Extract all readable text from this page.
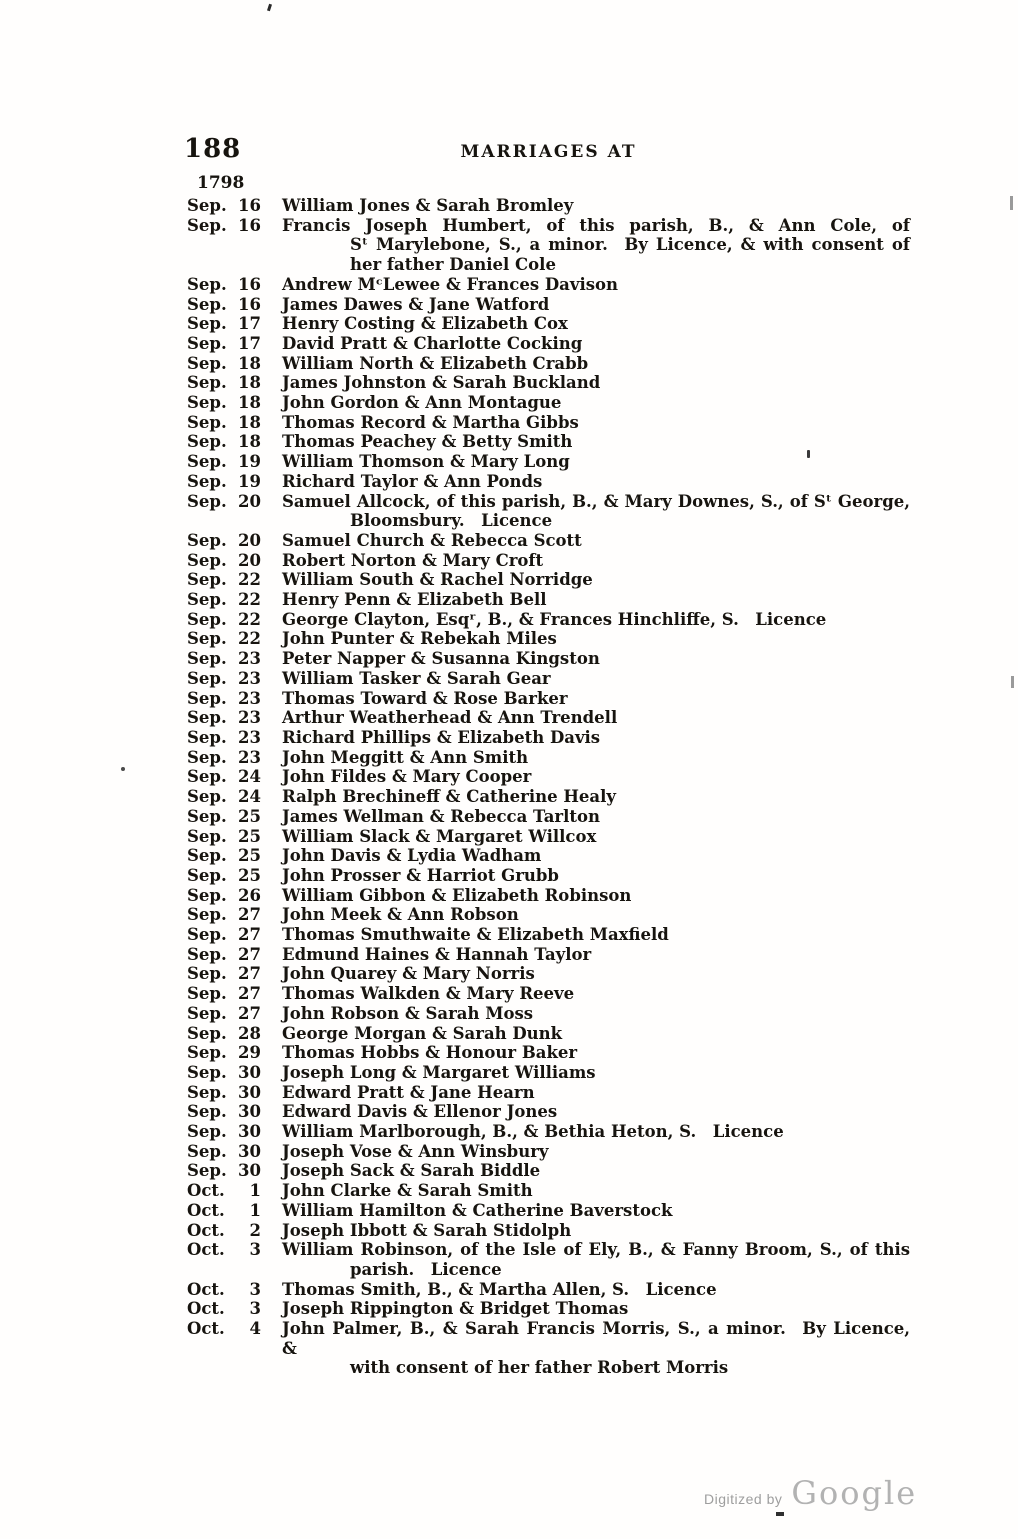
188	MARRIAGES AT
1798
Sep. 16 William Jones & Sarah Bromley
Sep. 16 Francis Joseph Humbert, of this parish, B., & Ann Cole, of
Sᵗ Marylebone, S., a minor. By Licence, & with consent of
her father Daniel Cole
Sep. 16 Andrew MᶜLewee & Frances Davison
Sep. 16 James Dawes & Jane Watford
Sep. 17 Henry Costing & Elizabeth Cox
Sep. 17 David Pratt & Charlotte Cocking
Sep. 18 William North & Elizabeth Crabb
Sep. 18 James Johnston & Sarah Buckland
Sep. 18 John Gordon & Ann Montague
Sep. 18 Thomas Record & Martha Gibbs
Sep. 18 Thomas Peachey & Betty Smith
Sep. 19 William Thomson & Mary Long
Sep. 19 Richard Taylor & Ann Ponds
Sep. 20 Samuel Allcock, of this parish, B., & Mary Downes, S., of Sᵗ George,
Bloomsbury. Licence
Sep. 20 Samuel Church & Rebecca Scott
Sep. 20 Robert Norton & Mary Croft
Sep. 22 William South & Rachel Norridge
Sep. 22 Henry Penn & Elizabeth Bell
Sep. 22 George Clayton, Esqʳ, B., & Frances Hinchliffe, S. Licence
Sep. 22 John Punter & Rebekah Miles
Sep. 23 Peter Napper & Susanna Kingston
Sep. 23 William Tasker & Sarah Gear
Sep. 23 Thomas Toward & Rose Barker
Sep. 23 Arthur Weatherhead & Ann Trendell
Sep. 23 Richard Phillips & Elizabeth Davis
Sep. 23 John Meggitt & Ann Smith
Sep. 24 John Fildes & Mary Cooper
Sep. 24 Ralph Brechineff & Catherine Healy
Sep. 25 James Wellman & Rebecca Tarlton
Sep. 25 William Slack & Margaret Willcox
Sep. 25 John Davis & Lydia Wadham
Sep. 25 John Prosser & Harriot Grubb
Sep. 26 William Gibbon & Elizabeth Robinson
Sep. 27 John Meek & Ann Robson
Sep. 27 Thomas Smuthwaite & Elizabeth Maxfield
Sep. 27 Edmund Haines & Hannah Taylor
Sep. 27 John Quarey & Mary Norris
Sep. 27 Thomas Walkden & Mary Reeve
Sep. 27 John Robson & Sarah Moss
Sep. 28 George Morgan & Sarah Dunk
Sep. 29 Thomas Hobbs & Honour Baker
Sep. 30 Joseph Long & Margaret Williams
Sep. 30 Edward Pratt & Jane Hearn
Sep. 30 Edward Davis & Ellenor Jones
Sep. 30 William Marlborough, B., & Bethia Heton, S. Licence
Sep. 30 Joseph Vose & Ann Winsbury
Sep. 30 Joseph Sack & Sarah Biddle
Oct.	1 John Clarke & Sarah Smith
Oct.	1 William Hamilton & Catherine Baverstock
Oct.	2 Joseph Ibbott & Sarah Stidolph
Oct.	3 William Robinson, of the Isle of Ely, B., & Fanny Broom, S., of this
parish. Licence
Oct.	3 Thomas Smith, B., & Martha Allen, S. Licence
Oct.	3 Joseph Rippington & Bridget Thomas
Oct.	4 John Palmer, B., & Sarah Francis Morris, S., a minor. By Licence, &
with consent of her father Robert Morris
Digitized by Google
